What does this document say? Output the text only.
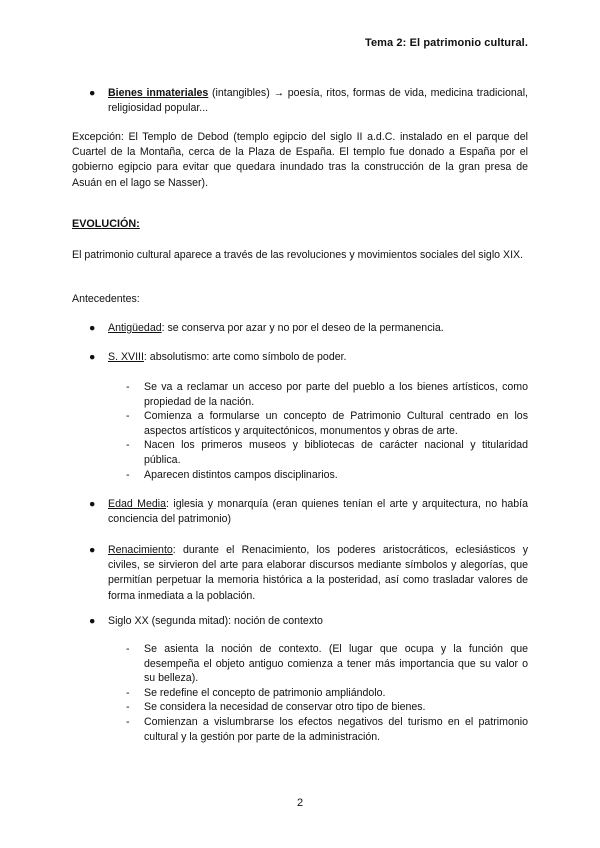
Tema 2: El patrimonio cultural.
●	Bienes inmateriales (intangibles) → poesía, ritos, formas de vida, medicina tradicional, religiosidad popular...
Excepción: El Templo de Debod (templo egipcio del siglo II a.d.C. instalado en el parque del Cuartel de la Montaña, cerca de la Plaza de España. El templo fue donado a España por el gobierno egipcio para evitar que quedara inundado tras la construcción de la gran presa de Asuán en el lago se Nasser).
EVOLUCIÓN:
El patrimonio cultural aparece a través de las revoluciones y movimientos sociales del siglo XIX.
Antecedentes:
●	Antigüedad: se conserva por azar y no por el deseo de la permanencia.
●	S. XVIII: absolutismo: arte como símbolo de poder.
- Se va a reclamar un acceso por parte del pueblo a los bienes artísticos, como propiedad de la nación.
- Comienza a formularse un concepto de Patrimonio Cultural centrado en los aspectos artísticos y arquitectónicos, monumentos y obras de arte.
- Nacen los primeros museos y bibliotecas de carácter nacional y titularidad pública.
- Aparecen distintos campos disciplinarios.
●	Edad Media: iglesia y monarquía (eran quienes tenían el arte y arquitectura, no había conciencia del patrimonio)
●	Renacimiento: durante el Renacimiento, los poderes aristocráticos, eclesiásticos y civiles, se sirvieron del arte para elaborar discursos mediante símbolos y alegorías, que permitían perpetuar la memoria histórica a la posteridad, así como trasladar valores de forma inmediata a la población.
●	Siglo XX (segunda mitad): noción de contexto
- Se asienta la noción de contexto. (El lugar que ocupa y la función que desempeña el objeto antiguo comienza a tener más importancia que su valor o su belleza).
- Se redefine el concepto de patrimonio ampliándolo.
- Se considera la necesidad de conservar otro tipo de bienes.
- Comienzan a vislumbrarse los efectos negativos del turismo en el patrimonio cultural y la gestión por parte de la administración.
2
